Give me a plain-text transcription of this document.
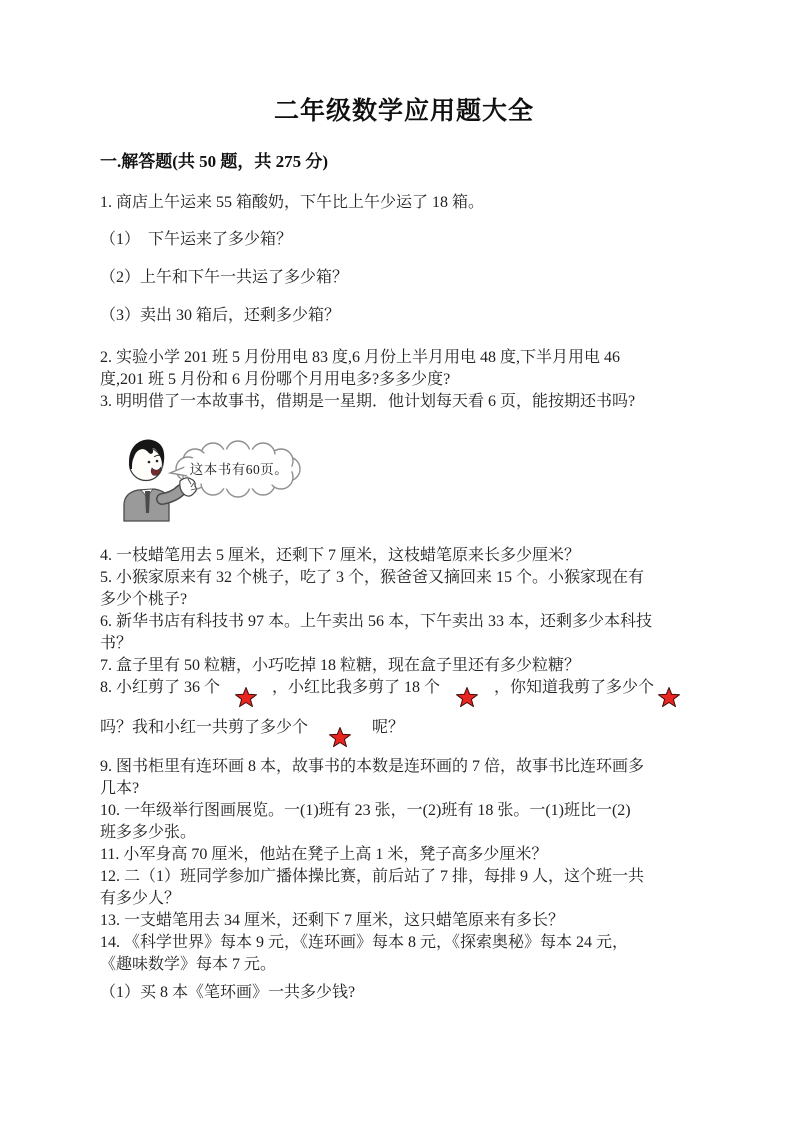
二年级数学应用题大全
一.解答题(共 50 题，共 275 分)
1. 商店上午运来 55 箱酸奶，下午比上午少运了 18 箱。
（1）　下午运来了多少箱？
（2）上午和下午一共运了多少箱？
（3）卖出 30 箱后，还剩多少箱？
2. 实验小学 201 班 5 月份用电 83 度,6 月份上半月用电 48 度,下半月用电 46
度,201 班 5 月份和 6 月份哪个月用电多?多多少度?
3. 明明借了一本故事书，借期是一星期．他计划每天看 6 页，能按期还书吗?
这本书有60页。
4. 一枝蜡笔用去 5 厘米，还剩下 7 厘米，这枝蜡笔原来长多少厘米？
5. 小猴家原来有 32 个桃子，吃了 3 个，猴爸爸又摘回来 15 个。小猴家现在有
多少个桃子?
6. 新华书店有科技书 97 本。上午卖出 56 本，下午卖出 33 本，还剩多少本科技
书？
7. 盒子里有 50 粒糖，小巧吃掉 18 粒糖，现在盒子里还有多少粒糖？
8. 小红剪了 36 个	，小红比我多剪了 18 个	，你知道我剪了多少个
吗？我和小红一共剪了多少个	呢？
9. 图书柜里有连环画 8 本，故事书的本数是连环画的 7 倍，故事书比连环画多
几本?
10. 一年级举行图画展览。一(1)班有 23 张，一(2)班有 18 张。一(1)班比一(2)
班多多少张。
11. 小军身高 70 厘米，他站在凳子上高 1 米，凳子高多少厘米？
12. 二（1）班同学参加广播体操比赛，前后站了 7 排，每排 9 人，这个班一共
有多少人？
13. 一支蜡笔用去 34 厘米，还剩下 7 厘米，这只蜡笔原来有多长？
14. 《科学世界》每本 9 元，《连环画》每本 8 元，《探索奥秘》每本 24 元，
《趣味数学》每本 7 元。
（1）买 8 本《笔环画》一共多少钱?
